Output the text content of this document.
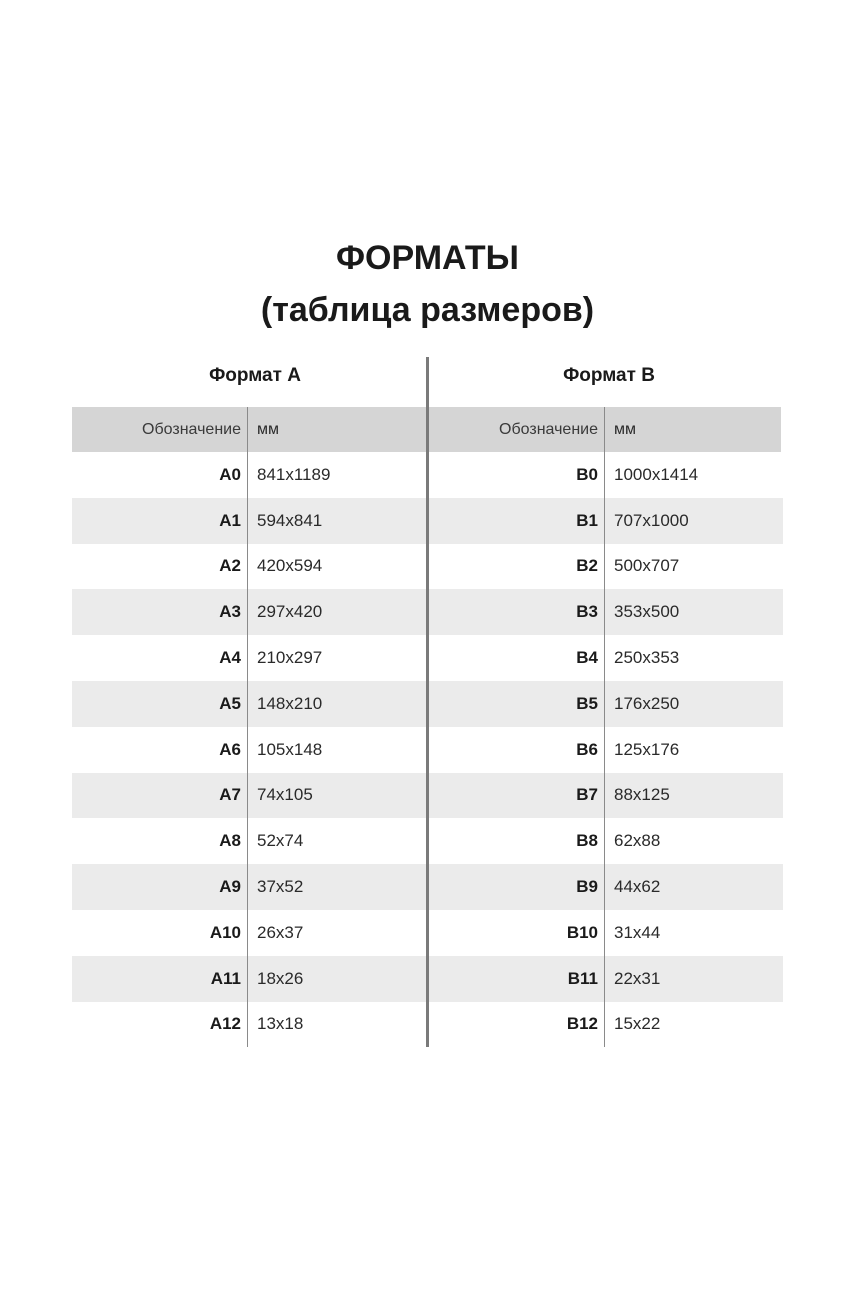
ФОРМАТЫ
(таблица размеров)
Формат А
Обозначение	мм
A0 841x1189
A1 594x841
A2 420x594
A3 297x420
A4 210x297
A5 148x210
A6 105x148
A7 74x105
A8 52x74
A9 37x52
A10 26x37
A11 18x26
A12 13x18
Формат В
Обозначение	мм
B0 1000x1414
B1 707x1000
B2 500x707
B3 353x500
B4 250x353
B5 176x250
B6 125x176
B7 88x125
B8 62x88
B9 44x62
B10 31x44
B11 22x31
B12 15x22
